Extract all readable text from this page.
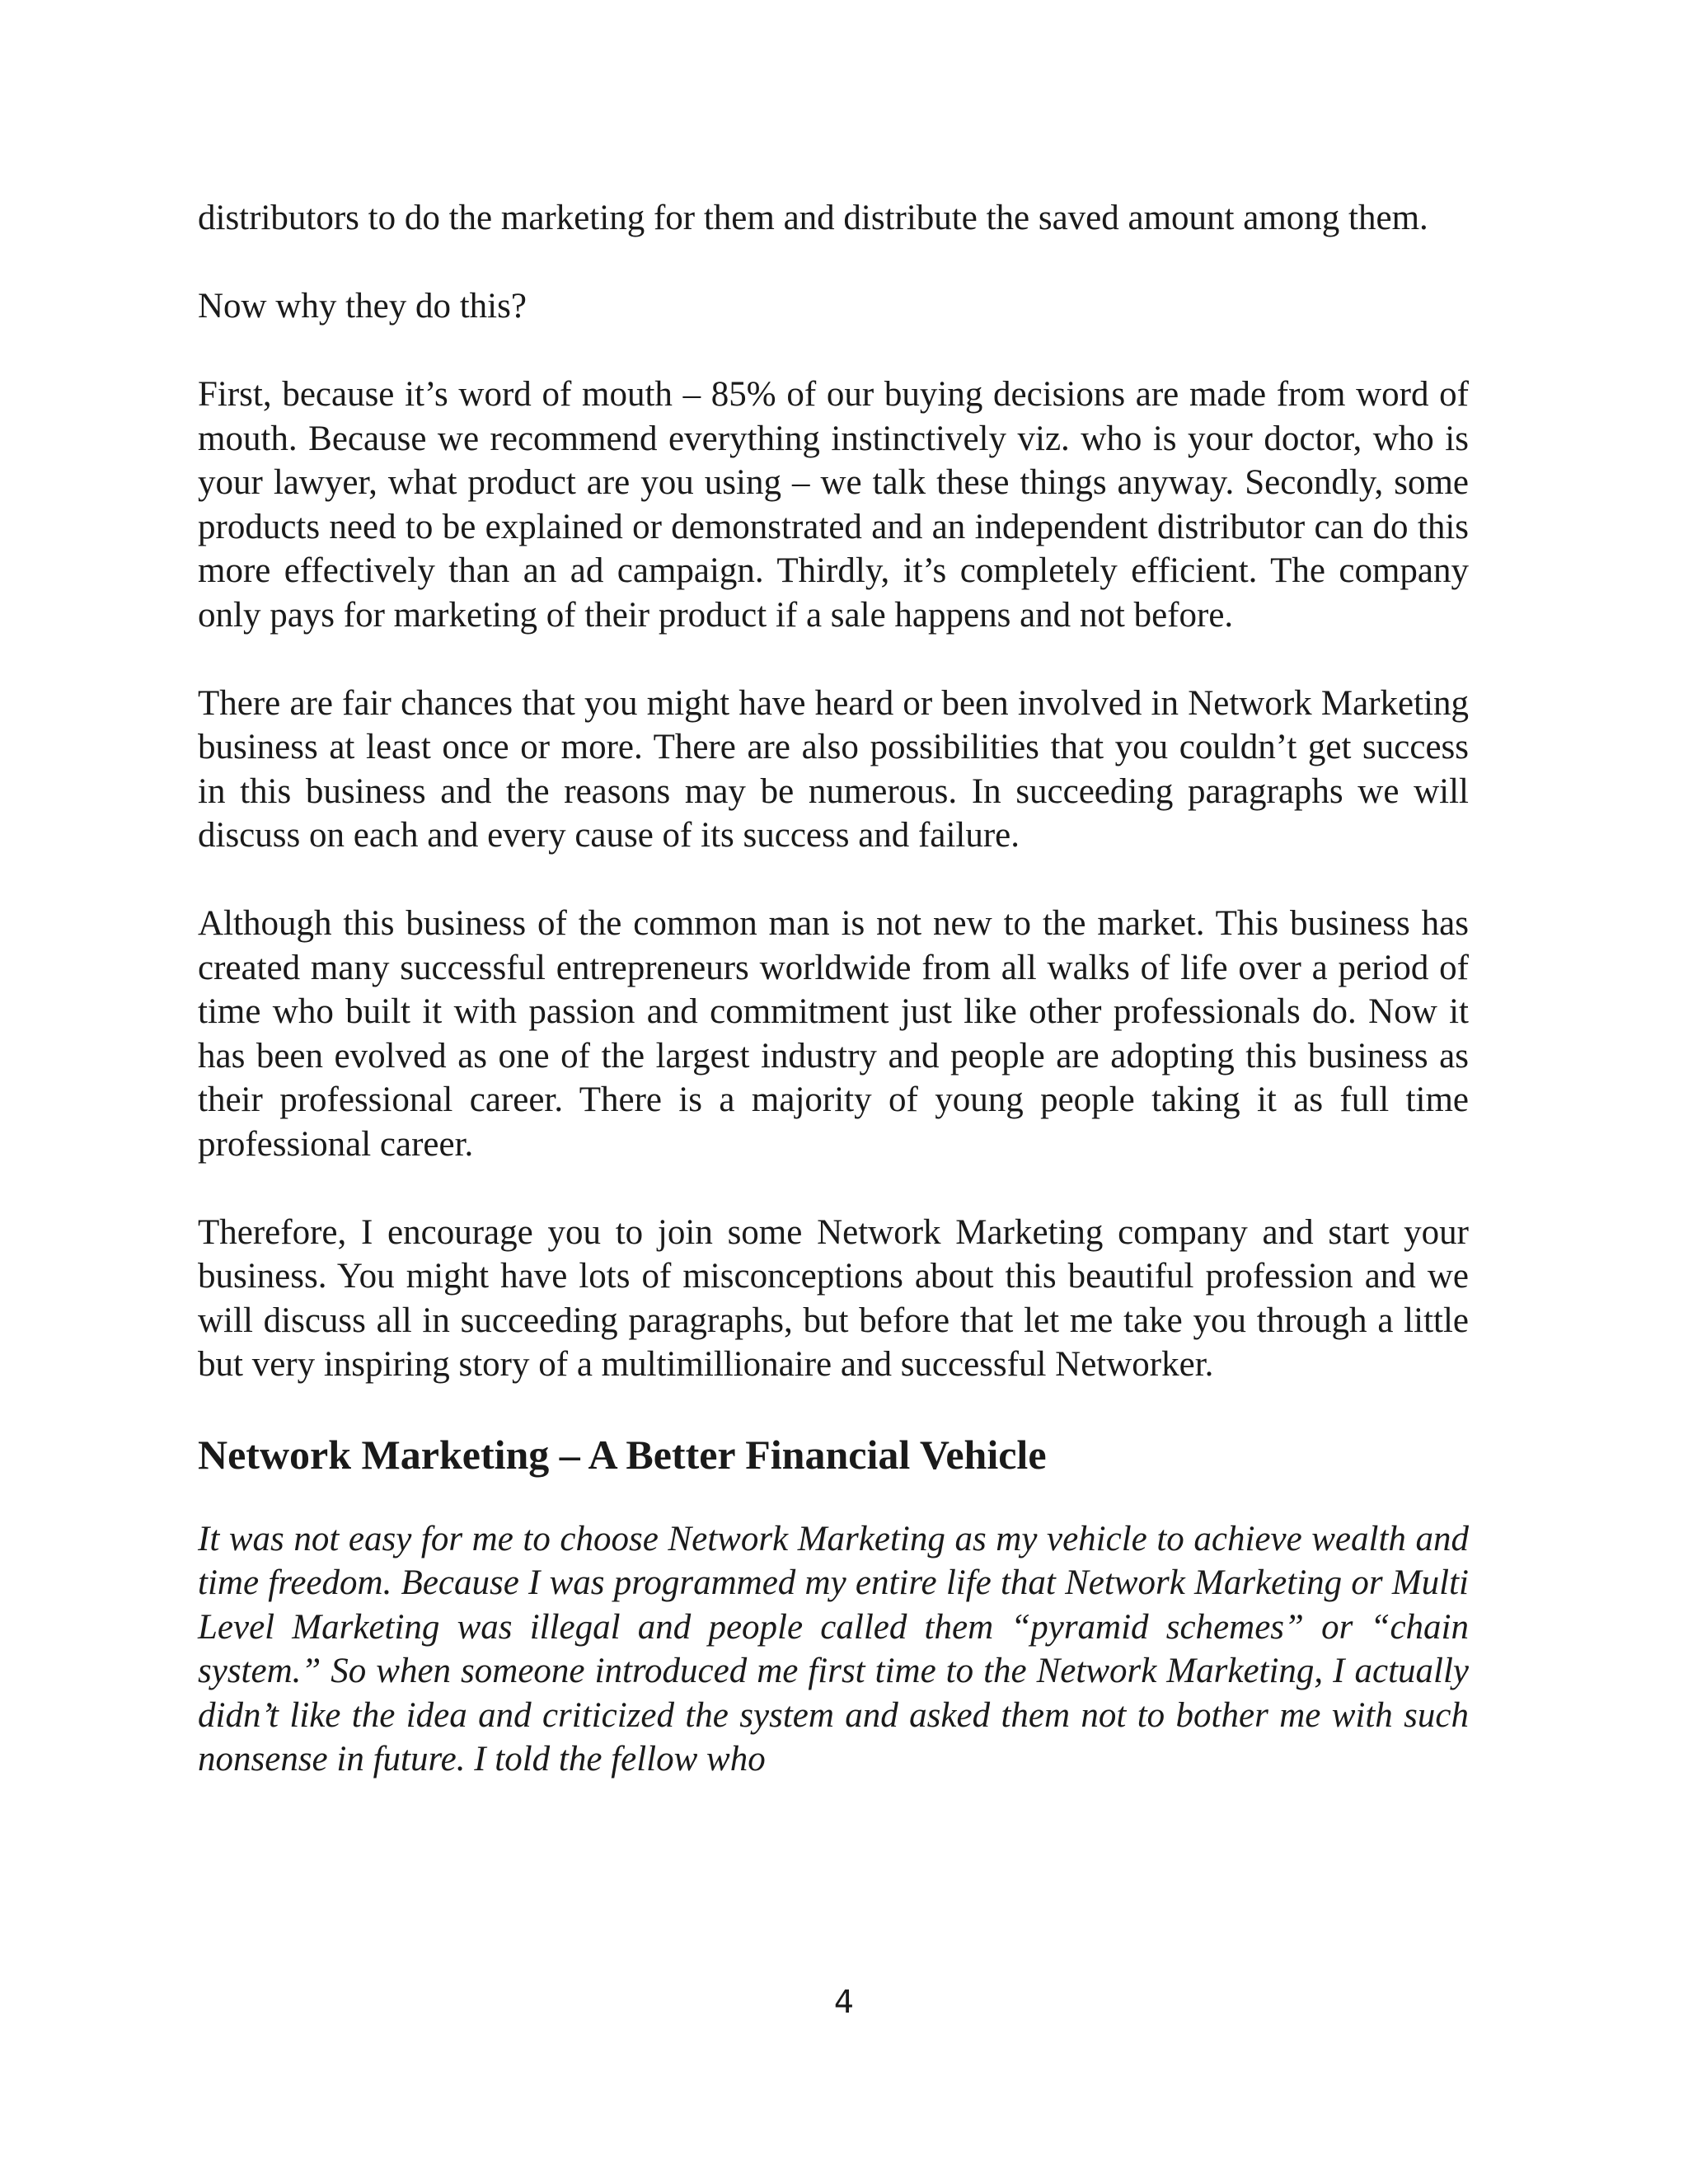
distributors to do the marketing for them and distribute the saved amount among them.

Now why they do this?

First, because it’s word of mouth – 85% of our buying decisions are made from word of mouth. Because we recommend everything instinctively viz. who is your doctor, who is your lawyer, what product are you using – we talk these things anyway. Secondly, some products need to be explained or demonstrated and an independent distributor can do this more effectively than an ad campaign. Thirdly, it’s completely efficient. The company only pays for marketing of their product if a sale happens and not before.

There are fair chances that you might have heard or been involved in Network Marketing business at least once or more. There are also possibilities that you couldn’t get success in this business and the reasons may be numerous. In succeeding paragraphs we will discuss on each and every cause of its success and failure.

Although this business of the common man is not new to the market. This business has created many successful entrepreneurs worldwide from all walks of life over a period of time who built it with passion and commitment just like other professionals do. Now it has been evolved as one of the largest industry and people are adopting this business as their professional career. There is a majority of young people taking it as full time professional career.

Therefore, I encourage you to join some Network Marketing company and start your business. You might have lots of misconceptions about this beautiful profession and we will discuss all in succeeding paragraphs, but before that let me take you through a little but very inspiring story of a multimillionaire and successful Networker.

Network Marketing – A Better Financial Vehicle

It was not easy for me to choose Network Marketing as my vehicle to achieve wealth and time freedom. Because I was programmed my entire life that Network Marketing or Multi Level Marketing was illegal and people called them “pyramid schemes” or “chain system.” So when someone introduced me first time to the Network Marketing, I actually didn’t like the idea and criticized the system and asked them not to bother me with such nonsense in future. I told the fellow who

4
